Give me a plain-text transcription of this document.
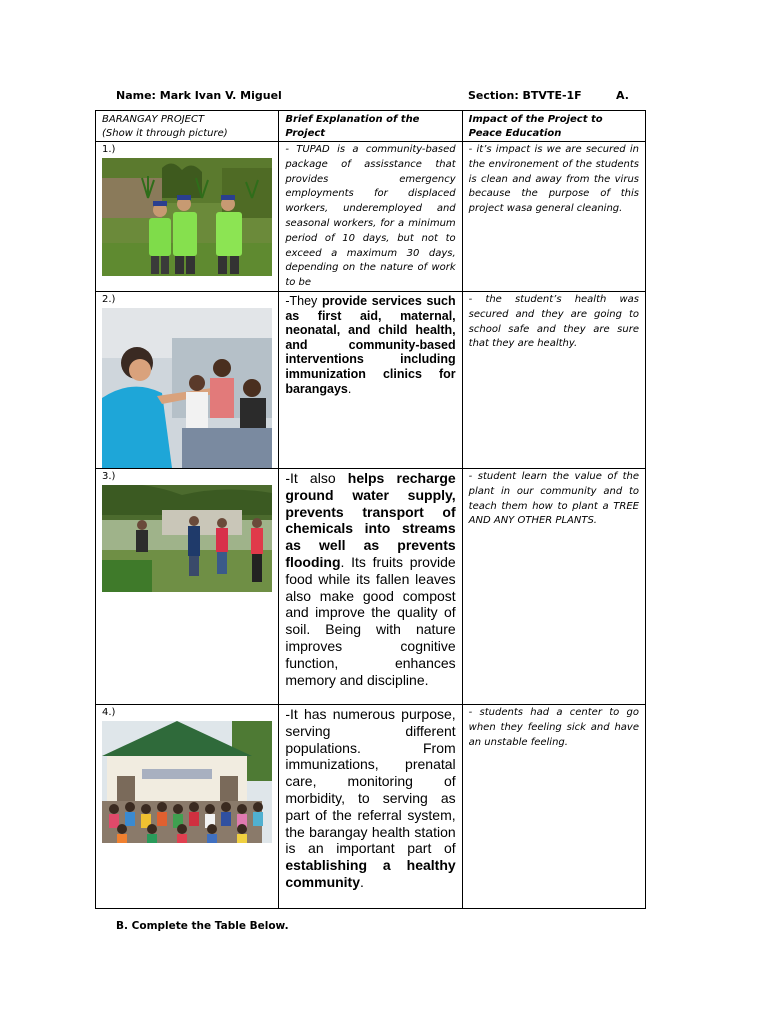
Name: Mark Ivan V. Miguel	Section: BTVTE-1F	A.
BARANGAY PROJECT
(Show it through picture)	Brief Explanation of the Project	Impact of the Project to Peace Education

1.)	- TUPAD is a community-based package of assisstance that provides emergency employments for displaced workers, underemployed and seasonal workers, for a minimum period of 10 days, but not to exceed a maximum 30 days, depending on the nature of work to be	- it’s impact is we are secured in the environement of the students is clean and away from the virus because the purpose of this project wasa general cleaning.

2.)	-They provide services such as first aid, maternal, neonatal, and child health, and community-based interventions including immunization clinics for barangays.	- the student’s health was secured and they are going to school safe and they are sure that they are healthy.

3.)	-It also helps recharge ground water supply, prevents transport of chemicals into streams as well as prevents flooding. Its fruits provide food while its fallen leaves also make good compost and improve the quality of soil. Being with nature improves cognitive function, enhances memory and discipline.	- student learn the value of the plant in our community and to teach them how to plant a TREE AND ANY OTHER PLANTS.

4.)	-It has numerous purpose, serving different populations. From immunizations, prenatal care, monitoring of morbidity, to serving as part of the referral system, the barangay health station is an important part of establishing a healthy community.	- students had a center to go when they feeling sick and have an unstable feeling.
B. Complete the Table Below.
